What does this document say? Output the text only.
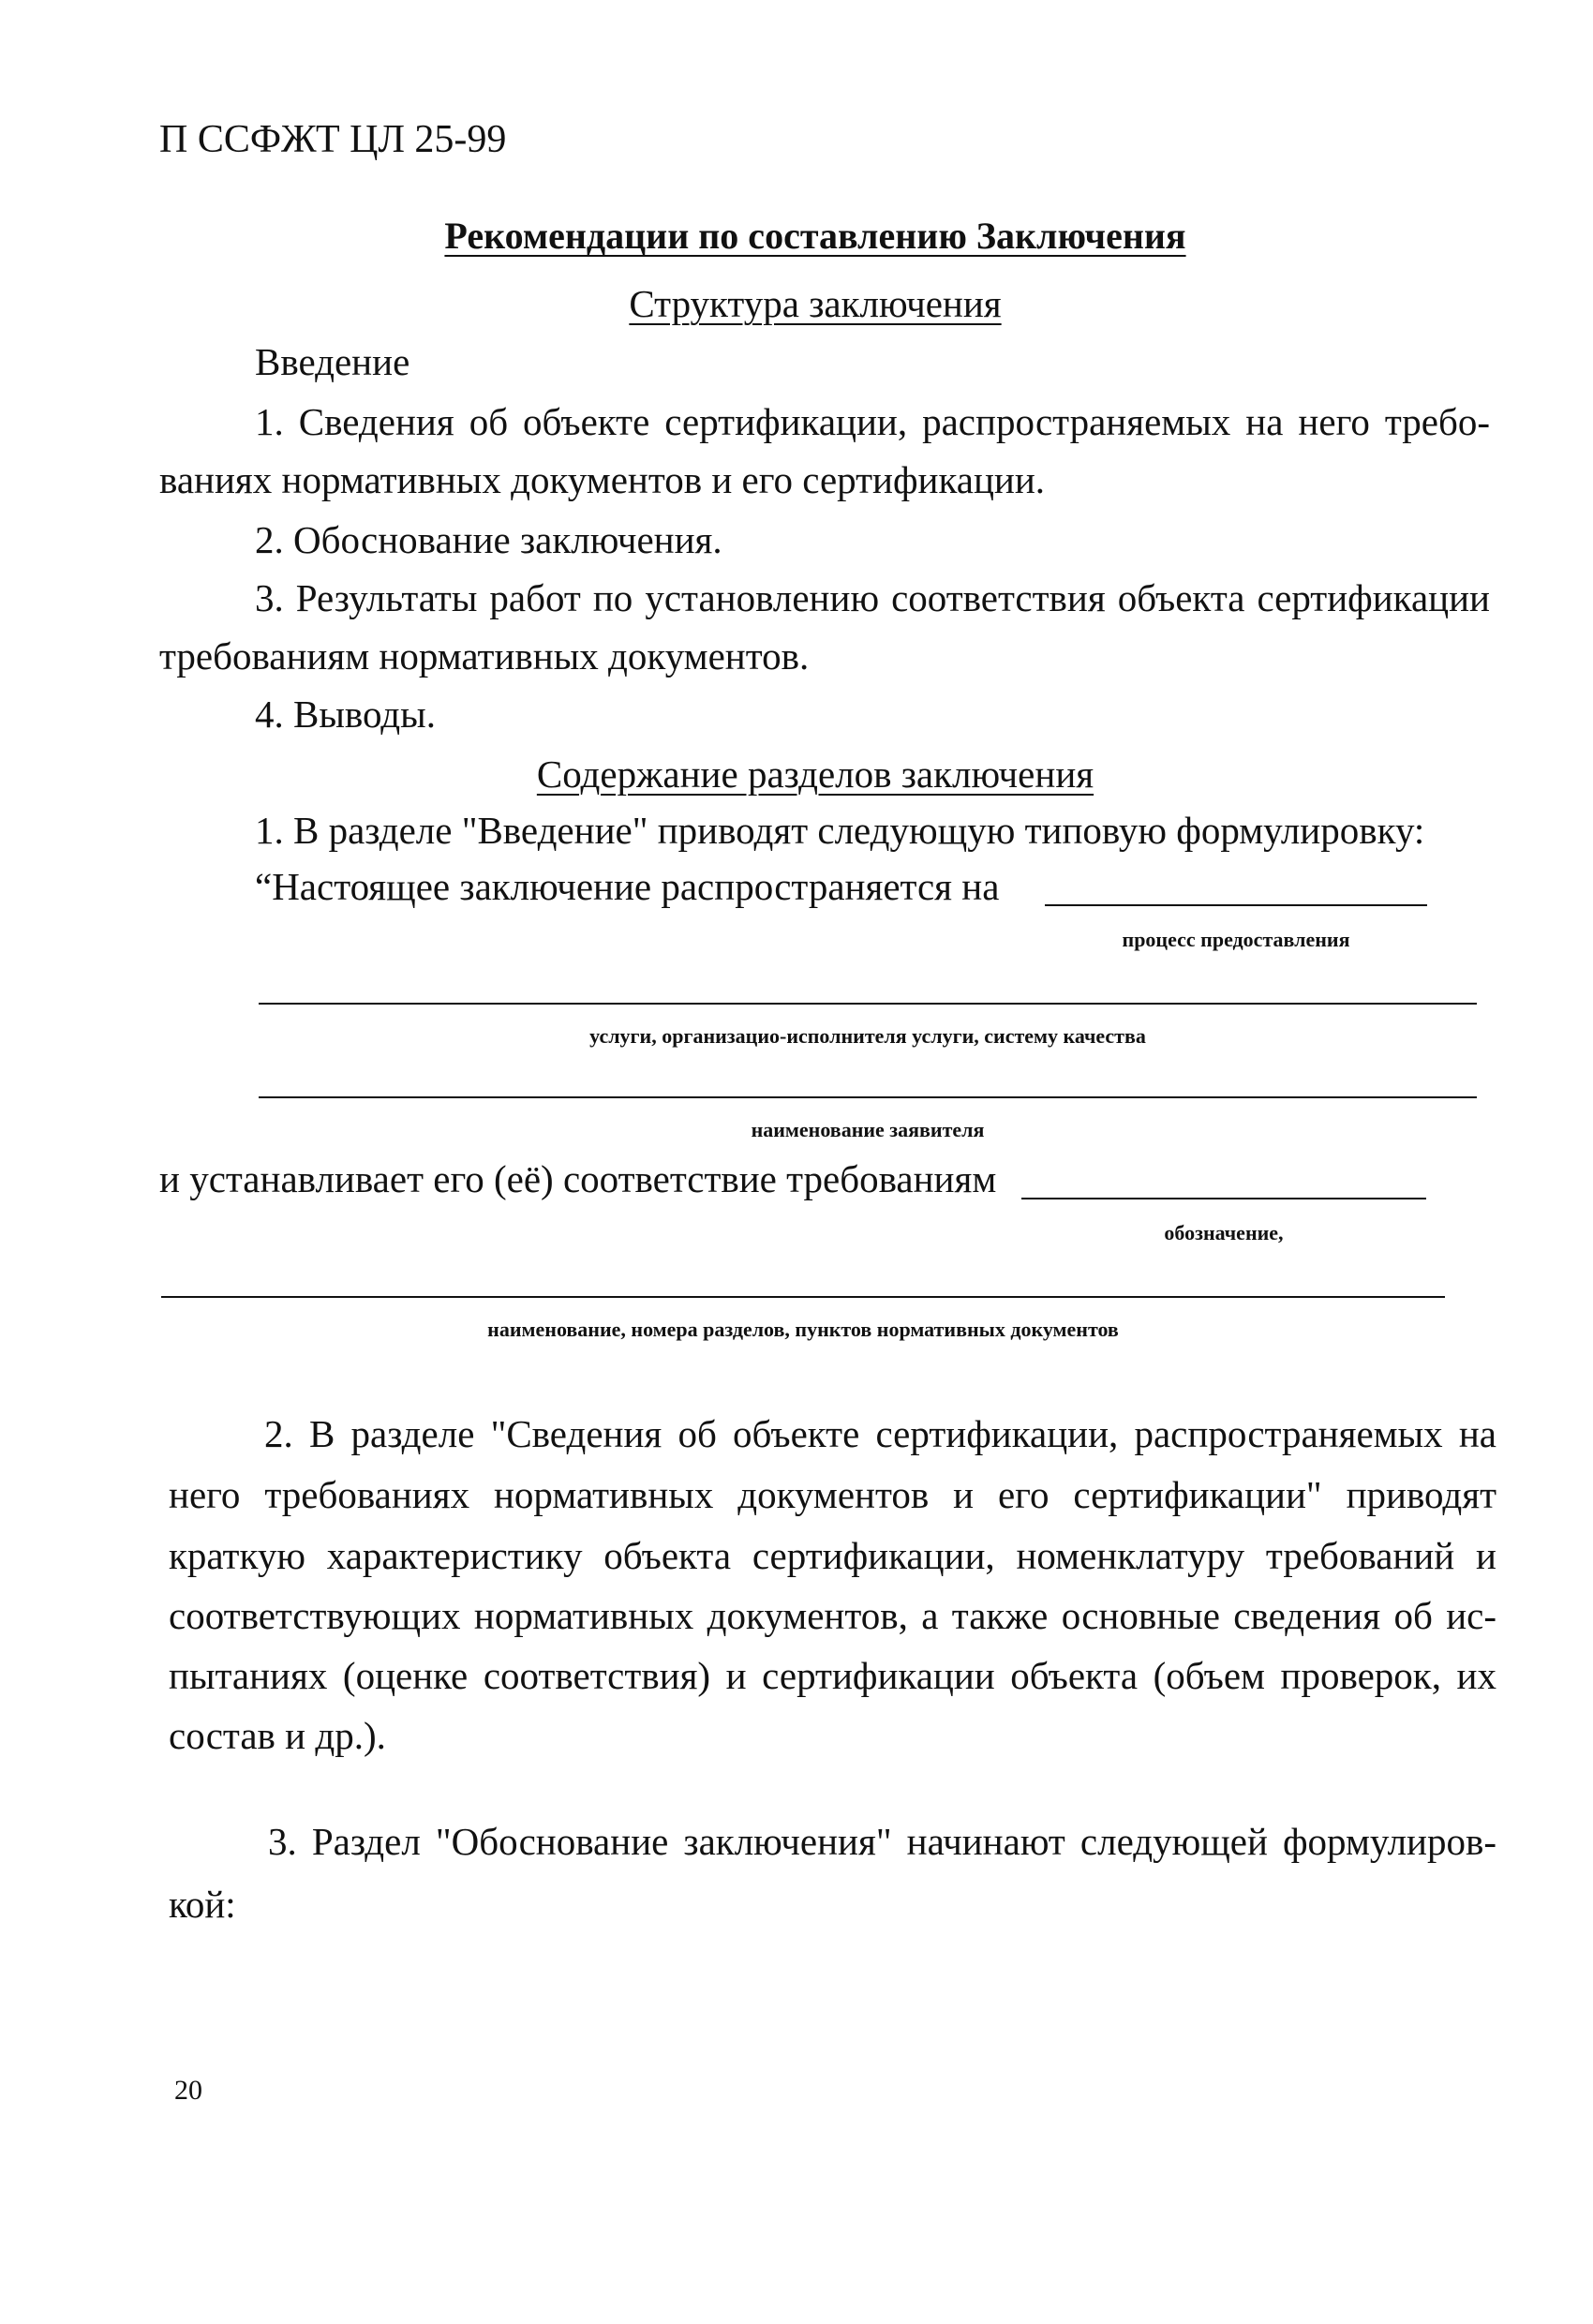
П ССФЖТ ЦЛ 25-99
Рекомендации по составлению Заключения
Структура заключения
Введение
1. Сведения об объекте сертификации, распространяемых на него требо-
ваниях нормативных документов и его сертификации.
2. Обоснование заключения.
3. Результаты работ по установлению соответствия объекта сертификации
требованиям нормативных документов.
4. Выводы.
Содержание разделов заключения
1. В разделе "Введение" приводят следующую типовую формулировку:
“Настоящее заключение распространяется на
процесс предоставления
услуги, организацио-исполнителя услуги, систему качества
наименование заявителя
и устанавливает его (её) соответствие требованиям
обозначение,
наименование, номера разделов, пунктов нормативных документов
2. В разделе "Сведения об объекте сертификации, распространяемых на
него требованиях нормативных документов и его сертификации" приводят
краткую характеристику объекта сертификации, номенклатуру требований и
соответствующих нормативных документов, а также основные сведения об ис-
пытаниях (оценке соответствия) и сертификации объекта (объем проверок, их
состав и др.).
3. Раздел "Обоснование заключения" начинают следующей формулиров-
кой:
20
